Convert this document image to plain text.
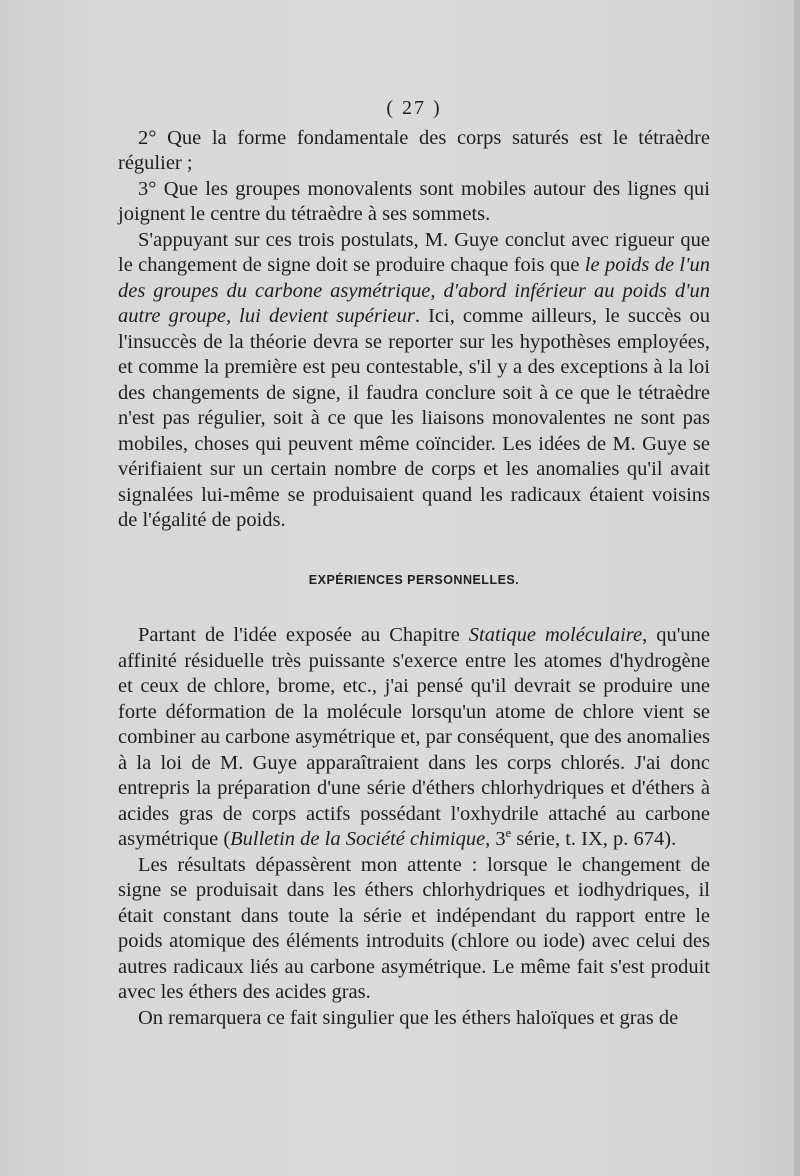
( 27 )

2° Que la forme fondamentale des corps saturés est le tétraèdre régulier ;

3° Que les groupes monovalents sont mobiles autour des lignes qui joignent le centre du tétraèdre à ses sommets.

S'appuyant sur ces trois postulats, M. Guye conclut avec rigueur que le changement de signe doit se produire chaque fois que le poids de l'un des groupes du carbone asymétrique, d'abord inférieur au poids d'un autre groupe, lui devient supérieur. Ici, comme ailleurs, le succès ou l'insuccès de la théorie devra se reporter sur les hypothèses employées, et comme la première est peu contestable, s'il y a des exceptions à la loi des changements de signe, il faudra conclure soit à ce que le tétraèdre n'est pas régulier, soit à ce que les liaisons monovalentes ne sont pas mobiles, choses qui peuvent même coïncider. Les idées de M. Guye se vérifiaient sur un certain nombre de corps et les anomalies qu'il avait signalées lui-même se produisaient quand les radicaux étaient voisins de l'égalité de poids.

EXPÉRIENCES PERSONNELLES.

Partant de l'idée exposée au Chapitre Statique moléculaire, qu'une affinité résiduelle très puissante s'exerce entre les atomes d'hydrogène et ceux de chlore, brome, etc., j'ai pensé qu'il devrait se produire une forte déformation de la molécule lorsqu'un atome de chlore vient se combiner au carbone asymétrique et, par conséquent, que des anomalies à la loi de M. Guye apparaîtraient dans les corps chlorés. J'ai donc entrepris la préparation d'une série d'éthers chlorhydriques et d'éthers à acides gras de corps actifs possédant l'oxhydrile attaché au carbone asymétrique (Bulletin de la Société chimique, 3e série, t. IX, p. 674).

Les résultats dépassèrent mon attente : lorsque le changement de signe se produisait dans les éthers chlorhydriques et iodhydriques, il était constant dans toute la série et indépendant du rapport entre le poids atomique des éléments introduits (chlore ou iode) avec celui des autres radicaux liés au carbone asymétrique. Le même fait s'est produit avec les éthers des acides gras.

On remarquera ce fait singulier que les éthers haloïques et gras de
